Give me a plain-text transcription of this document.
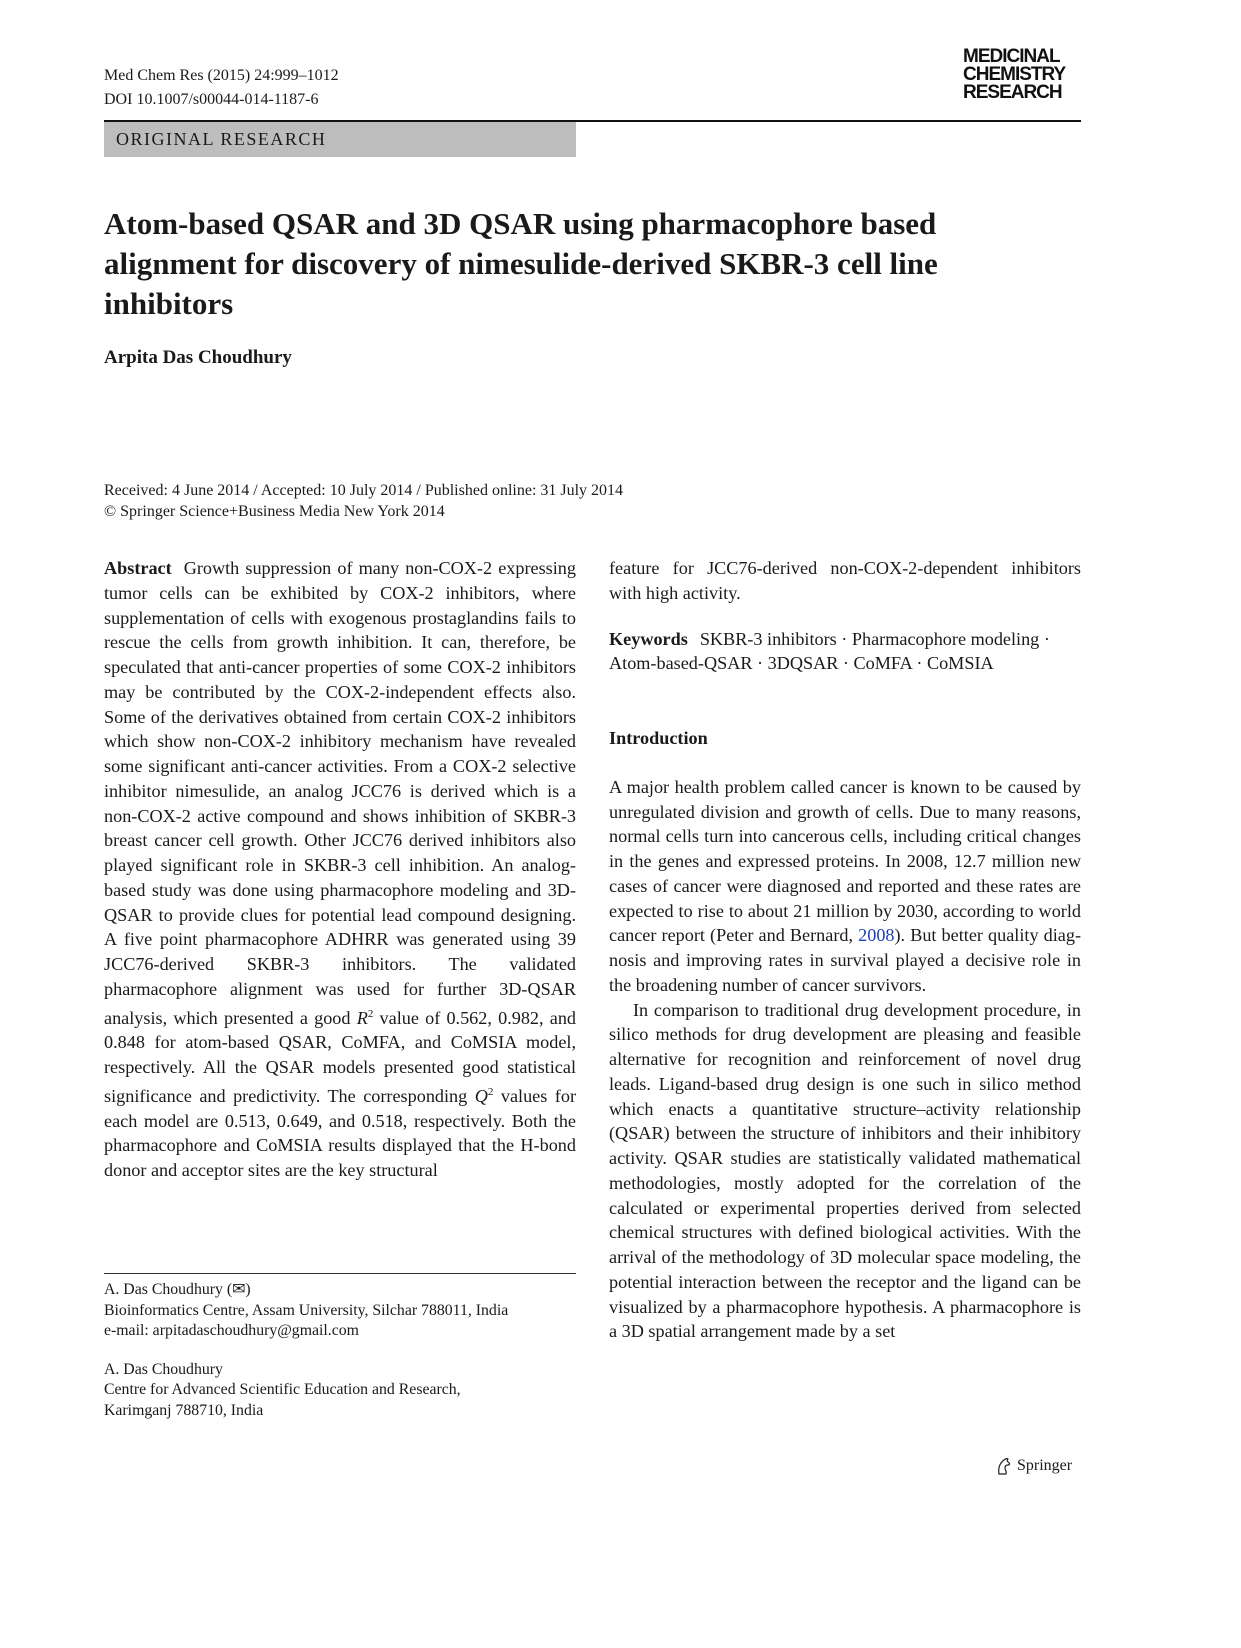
Med Chem Res (2015) 24:999–1012
DOI 10.1007/s00044-014-1187-6
MEDICINAL
CHEMISTRY
RESEARCH
ORIGINAL RESEARCH
Atom-based QSAR and 3D QSAR using pharmacophore based alignment for discovery of nimesulide-derived SKBR-3 cell line inhibitors
Arpita Das Choudhury
Received: 4 June 2014 / Accepted: 10 July 2014 / Published online: 31 July 2014
© Springer Science+Business Media New York 2014

Abstract Growth suppression of many non-COX-2 expressing tumor cells can be exhibited by COX-2 inhibitors, where supplementation of cells with exogenous prostaglandins fails to rescue the cells from growth inhibition. It can, therefore, be speculated that anti-cancer properties of some COX-2 inhibitors may be contributed by the COX-2-independent effects also. Some of the derivatives obtained from certain COX-2 inhibitors which show non-COX-2 inhibitory mechanism have revealed some significant anti-cancer activities. From a COX-2 selective inhibitor nimesulide, an analog JCC76 is derived which is a non-COX-2 active compound and shows inhibition of SKBR-3 breast cancer cell growth. Other JCC76 derived inhibitors also played significant role in SKBR-3 cell inhibition. An analog-based study was done using pharmacophore modeling and 3D-QSAR to provide clues for potential lead compound designing. A five point pharmacophore ADHRR was generated using 39 JCC76-derived SKBR-3 inhibitors. The validated pharmacophore alignment was used for further 3D-QSAR analysis, which presented a good $R^2$ value of 0.562, 0.982, and 0.848 for atom-based QSAR, CoMFA, and CoMSIA model, respectively. All the QSAR models presented good statistical significance and predictivity. The corresponding $Q^2$ values for each model are 0.513, 0.649, and 0.518, respectively. Both the pharmacophore and CoMSIA results displayed that the H-bond donor and acceptor sites are the key structural

A. Das Choudhury (✉)

Bioinformatics Centre, Assam University, Silchar 788011, India

e-mail: arpitadaschoudhury@gmail.com

A. Das Choudhury

Centre for Advanced Scientific Education and Research,

Karimganj 788710, India

feature for JCC76-derived non-COX-2-dependent inhibitors with high activity.

Keywords SKBR-3 inhibitors · Pharmacophore modeling · Atom-based-QSAR · 3DQSAR · CoMFA · CoMSIA

Introduction

A major health problem called cancer is known to be caused by unregulated division and growth of cells. Due to many reasons, normal cells turn into cancerous cells, including critical changes in the genes and expressed proteins. In 2008, 12.7 million new cases of cancer were diagnosed and reported and these rates are expected to rise to about 21 million by 2030, according to world cancer report (Peter and Bernard, 2008). But better quality diagnosis and improving rates in survival played a decisive role in the broadening number of cancer survivors.

In comparison to traditional drug development procedure, in silico methods for drug development are pleasing and feasible alternative for recognition and reinforcement of novel drug leads. Ligand-based drug design is one such in silico method which enacts a quantitative structure–activity relationship (QSAR) between the structure of inhibitors and their inhibitory activity. QSAR studies are statistically validated mathematical methodologies, mostly adopted for the correlation of the calculated or experimental properties derived from selected chemical structures with defined biological activities. With the arrival of the methodology of 3D molecular space modeling, the potential interaction between the receptor and the ligand can be visualized by a pharmacophore hypothesis. A pharmacophore is a 3D spatial arrangement made by a set

Springer
